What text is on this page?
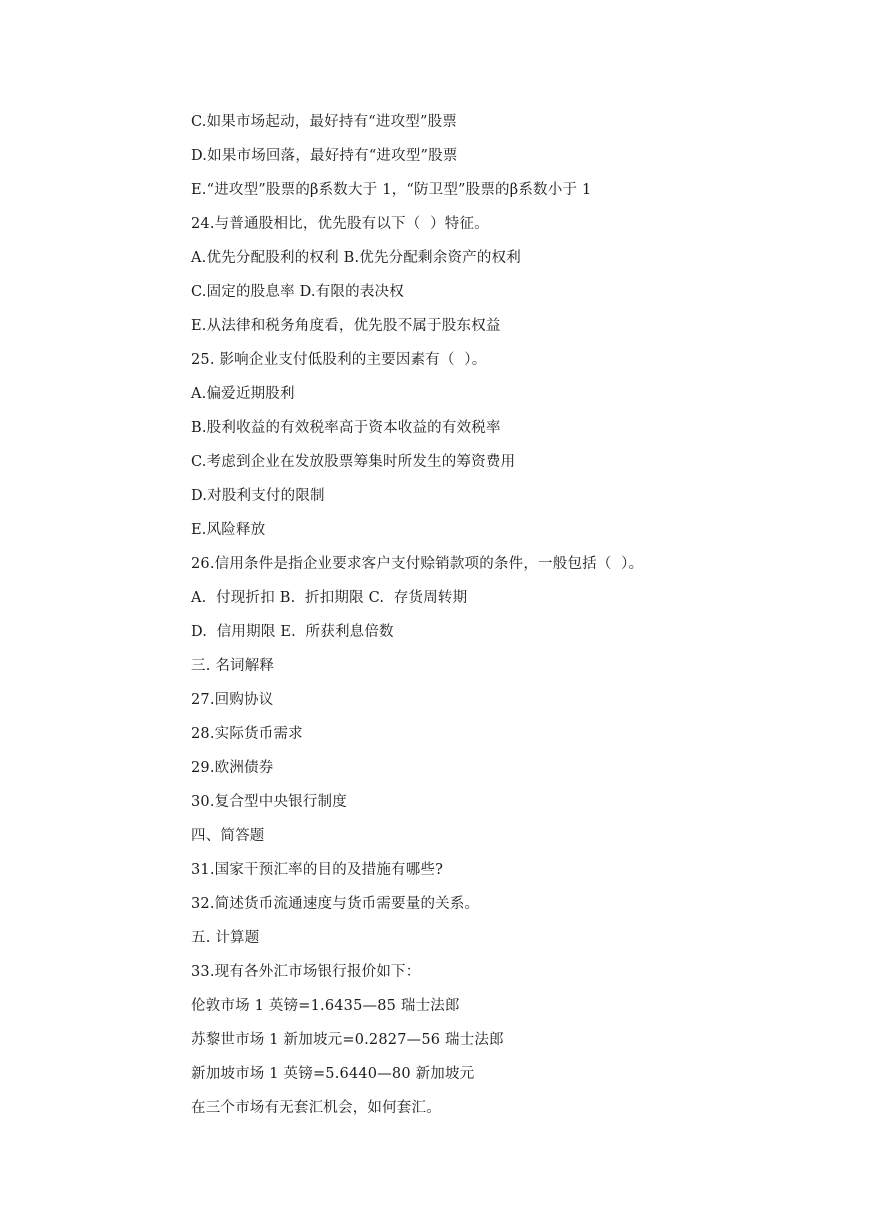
C.如果市场起动，最好持有“进攻型”股票
D.如果市场回落，最好持有“进攻型”股票
E.“进攻型”股票的β系数大于 1，“防卫型”股票的β系数小于 1
24.与普通股相比，优先股有以下（  ）特征。
A.优先分配股利的权利 B.优先分配剩余资产的权利
C.固定的股息率 D.有限的表决权
E.从法律和税务角度看，优先股不属于股东权益
25. 影响企业支付低股利的主要因素有（  ）。
A.偏爱近期股利
B.股利收益的有效税率高于资本收益的有效税率
C.考虑到企业在发放股票筹集时所发生的筹资费用
D.对股利支付的限制
E.风险释放
26.信用条件是指企业要求客户支付赊销款项的条件，一般包括（  ）。
A.  付现折扣 B.  折扣期限 C.  存货周转期
D.  信用期限 E.  所获利息倍数
三. 名词解释
27.回购协议
28.实际货币需求
29.欧洲债券
30.复合型中央银行制度
四、简答题
31.国家干预汇率的目的及措施有哪些?
32.简述货币流通速度与货币需要量的关系。
五. 计算题
33.现有各外汇市场银行报价如下：
伦敦市场 1 英镑=1.6435—85 瑞士法郎
苏黎世市场 1 新加坡元=0.2827—56 瑞士法郎
新加坡市场 1 英镑=5.6440—80 新加坡元
在三个市场有无套汇机会，如何套汇。
